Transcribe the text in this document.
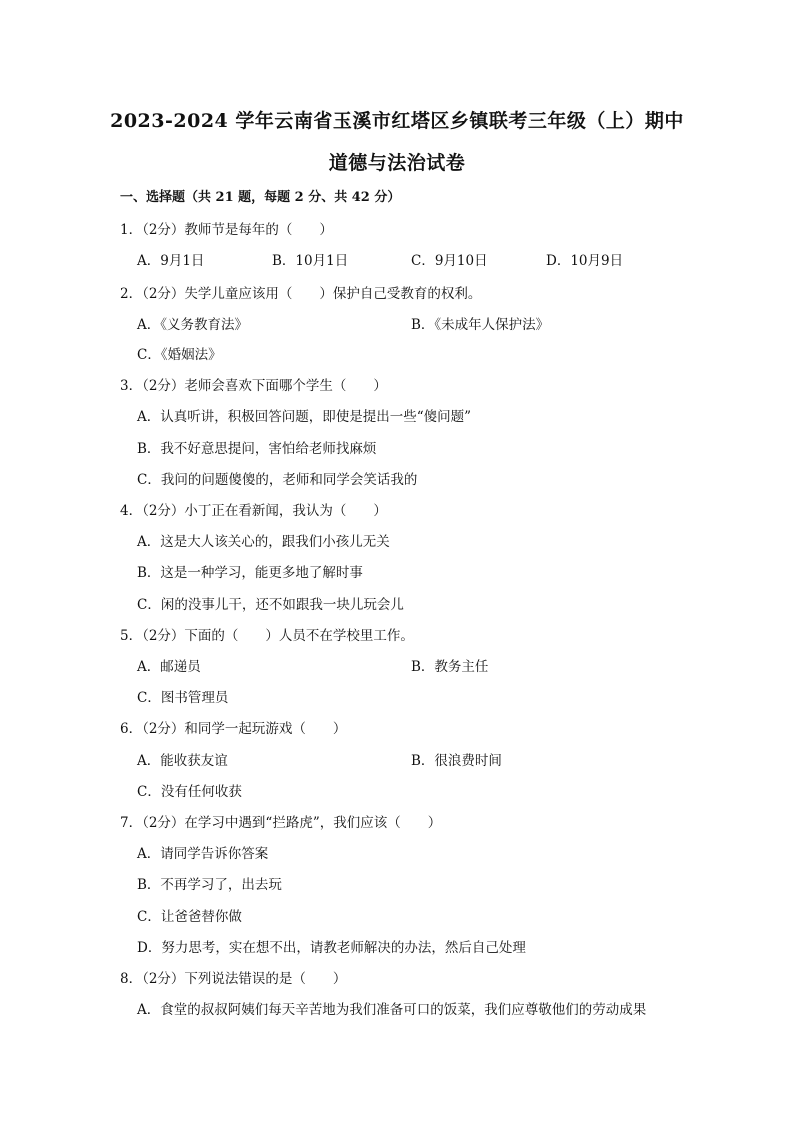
2023-2024 学年云南省玉溪市红塔区乡镇联考三年级（上）期中
道德与法治试卷
一、选择题（共 21 题，每题 2 分、共 42 分）
1．（2分）教师节是每年的（　　）
A．9月1日	B．10月1日	C．9月10日	D．10月9日
2．（2分）失学儿童应该用（　　）保护自己受教育的权利。
A．《义务教育法》	B．《未成年人保护法》
C．《婚姻法》
3．（2分）老师会喜欢下面哪个学生（　　）
A．认真听讲，积极回答问题，即使是提出一些“傻问题”
B．我不好意思提问，害怕给老师找麻烦
C．我问的问题傻傻的，老师和同学会笑话我的
4．（2分）小丁正在看新闻，我认为（　　）
A．这是大人该关心的，跟我们小孩儿无关
B．这是一种学习，能更多地了解时事
C．闲的没事儿干，还不如跟我一块儿玩会儿
5．（2分）下面的（　　）人员不在学校里工作。
A．邮递员	B．教务主任
C．图书管理员
6．（2分）和同学一起玩游戏（　　）
A．能收获友谊	B．很浪费时间
C．没有任何收获
7．（2分）在学习中遇到“拦路虎”，我们应该（　　）
A．请同学告诉你答案
B．不再学习了，出去玩
C．让爸爸替你做
D．努力思考，实在想不出，请教老师解决的办法，然后自己处理
8．（2分）下列说法错误的是（　　）
A．食堂的叔叔阿姨们每天辛苦地为我们准备可口的饭菜，我们应尊敬他们的劳动成果
